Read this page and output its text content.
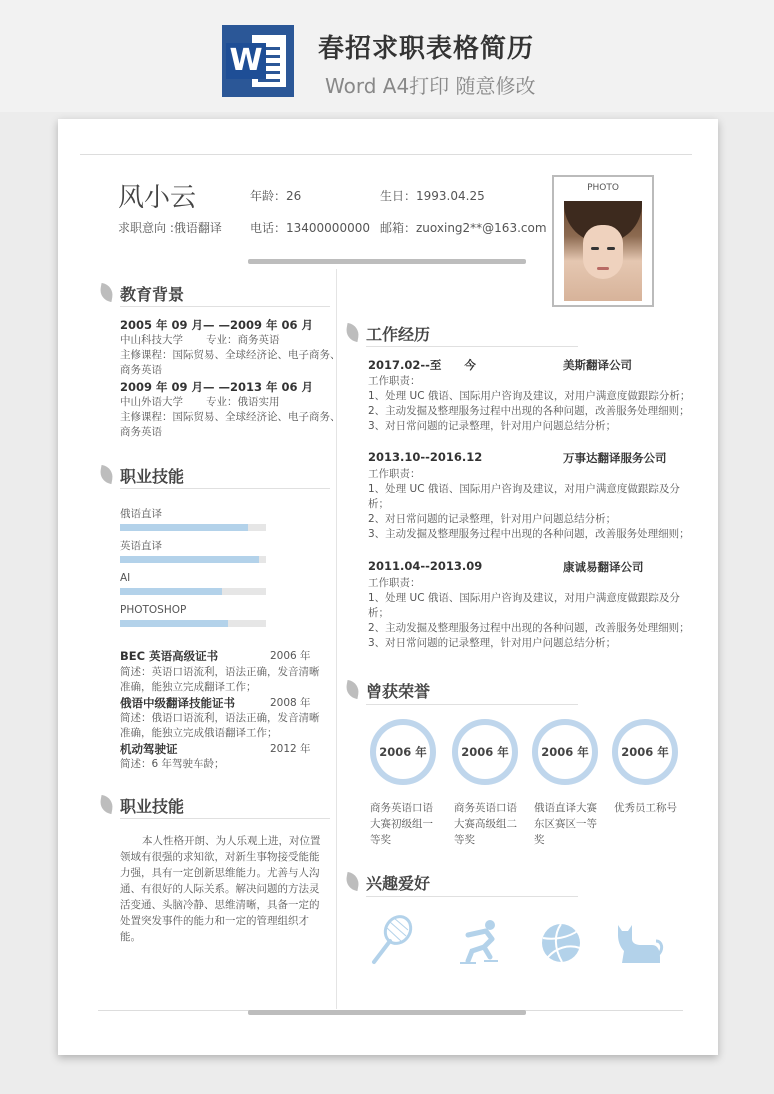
W 春招求职表格简历
Word A4打印 随意修改
风小云	年龄：26	生日：1993.04.25
求职意向 :俄语翻译 电话：13400000000 邮箱：zuoxing2**@163.com
PHOTO
教育背景
2005 年 09 月— —2009 年 06 月
中山科技大学 专业：商务英语
主修课程：国际贸易、全球经济论、电子商务、
商务英语
2009 年 09 月— —2013 年 06 月
中山外语大学 专业：俄语实用
主修课程：国际贸易、全球经济论、电子商务、
商务英语
职业技能
俄语直译
英语直译
AI
PHOTOSHOP
BEC 英语高级证书	2006 年
简述：英语口语流利，语法正确，发音清晰
准确，能独立完成翻译工作；
俄语中级翻译技能证书	2008 年
简述：俄语口语流利，语法正确，发音清晰
准确，能独立完成俄语翻译工作；
机动驾驶证	2012 年
简述：6 年驾驶车龄；
职业技能
本人性格开朗、为人乐观上进，对位置
领域有很强的求知欲，对新生事物接受能能
力强，具有一定创新思维能力。尤善与人沟
通、有很好的人际关系。解决问题的方法灵
活变通、头脑冷静、思维清晰，具备一定的
处置突发事件的能力和一定的管理组织才
能。
工作经历
2017.02--至　　今	美斯翻译公司
工作职责：
1、处理 UC 俄语、国际用户咨询及建议，对用户满意度做跟踪分析；
2、主动发掘及整理服务过程中出现的各种问题，改善服务处理细则；
3、对日常问题的记录整理，针对用户问题总结分析；
2013.10--2016.12	万事达翻译服务公司
工作职责：
1、处理 UC 俄语、国际用户咨询及建议，对用户满意度做跟踪及分
析；
2、对日常问题的记录整理，针对用户问题总结分析；
3、主动发掘及整理服务过程中出现的各种问题，改善服务处理细则；
2011.04--2013.09	康诚易翻译公司
工作职责：
1、处理 UC 俄语、国际用户咨询及建议，对用户满意度做跟踪及分
析；
2、主动发掘及整理服务过程中出现的各种问题，改善服务处理细则；
3、对日常问题的记录整理，针对用户问题总结分析；
曾获荣誉
2006 年	2006 年	2006 年	2006 年
商务英语口语
大赛初级组一
等奖
商务英语口语
大赛高级组二
等奖
俄语直译大赛
东区赛区一等
奖
优秀员工称号
兴趣爱好
